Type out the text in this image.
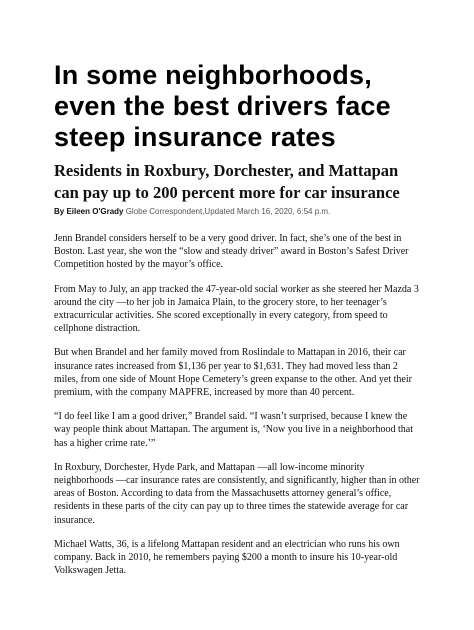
In some neighborhoods, even the best drivers face steep insurance rates
Residents in Roxbury, Dorchester, and Mattapan can pay up to 200 percent more for car insurance
By Eileen O'Grady Globe Correspondent,Updated March 16, 2020, 6:54 p.m.

Jenn Brandel considers herself to be a very good driver. In fact, she’s one of the best in Boston. Last year, she won the “slow and steady driver” award in Boston’s Safest Driver Competition hosted by the mayor’s office.

From May to July, an app tracked the 47-year-old social worker as she steered her Mazda 3 around the city —to her job in Jamaica Plain, to the grocery store, to her teenager’s extracurricular activities. She scored exceptionally in every category, from speed to cellphone distraction.

But when Brandel and her family moved from Roslindale to Mattapan in 2016, their car insurance rates increased from $1,136 per year to $1,631. They had moved less than 2 miles, from one side of Mount Hope Cemetery’s green expanse to the other. And yet their premium, with the company MAPFRE, increased by more than 40 percent.

“I do feel like I am a good driver,” Brandel said. “I wasn’t surprised, because I knew the way people think about Mattapan. The argument is, ‘Now you live in a neighborhood that has a higher crime rate.’”

In Roxbury, Dorchester, Hyde Park, and Mattapan —all low-income minority neighborhoods —car insurance rates are consistently, and significantly, higher than in other areas of Boston. According to data from the Massachusetts attorney general’s office, residents in these parts of the city can pay up to three times the statewide average for car insurance.

Michael Watts, 36, is a lifelong Mattapan resident and an electrician who runs his own company. Back in 2010, he remembers paying $200 a month to insure his 10-year-old Volkswagen Jetta.
